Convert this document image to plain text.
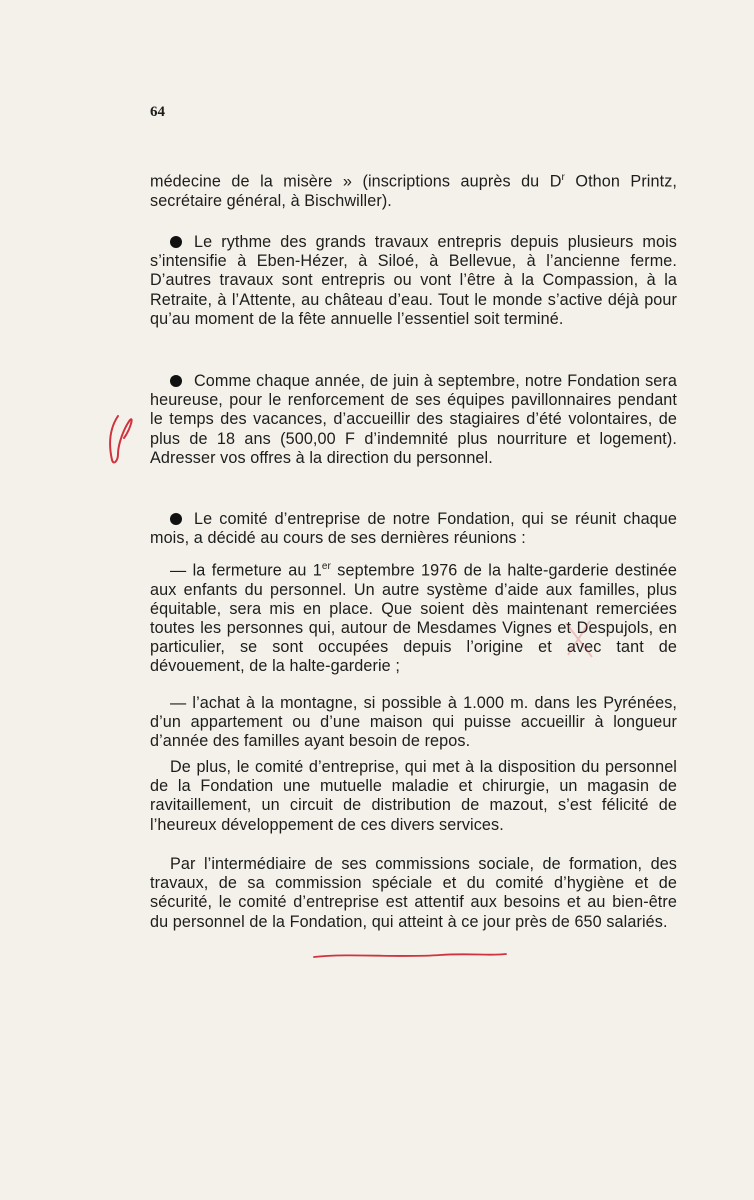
64

médecine de la misère » (inscriptions auprès du $D^r$ Othon Printz, secrétaire général, à Bischwiller).

Le rythme des grands travaux entrepris depuis plusieurs mois s’intensifie à Eben-Hézer, à Siloé, à Bellevue, à l’ancienne ferme. D’autres travaux sont entrepris ou vont l’être à la Compassion, à la Retraite, à l’Attente, au château d’eau. Tout le monde s’active déjà pour qu’au moment de la fête annuelle l’essentiel soit terminé.

Comme chaque année, de juin à septembre, notre Fondation sera heureuse, pour le renforcement de ses équipes pavillonnaires pendant le temps des vacances, d’accueillir des stagiaires d’été volontaires, de plus de 18 ans (500,00 F d’indemnité plus nourriture et logement). Adresser vos offres à la direction du personnel.

Le comité d’entreprise de notre Fondation, qui se réunit chaque mois, a décidé au cours de ses dernières réunions :

— la fermeture au 1er septembre 1976 de la halte-garderie destinée aux enfants du personnel. Un autre système d’aide aux familles, plus équitable, sera mis en place. Que soient dès maintenant remerciées toutes les personnes qui, autour de Mesdames Vignes et Despujols, en particulier, se sont occupées depuis l’origine et avec tant de dévouement, de la halte-garderie ;

— l’achat à la montagne, si possible à 1.000 m. dans les Pyrénées, d’un appartement ou d’une maison qui puisse accueillir à longueur d’année des familles ayant besoin de repos.

De plus, le comité d’entreprise, qui met à la disposition du personnel de la Fondation une mutuelle maladie et chirurgie, un magasin de ravitaillement, un circuit de distribution de mazout, s’est félicité de l’heureux développement de ces divers services.

Par l’intermédiaire de ses commissions sociale, de formation, des travaux, de sa commission spéciale et du comité d’hygiène et de sécurité, le comité d’entreprise est attentif aux besoins et au bien-être du personnel de la Fondation, qui atteint à ce jour près de 650 salariés.
